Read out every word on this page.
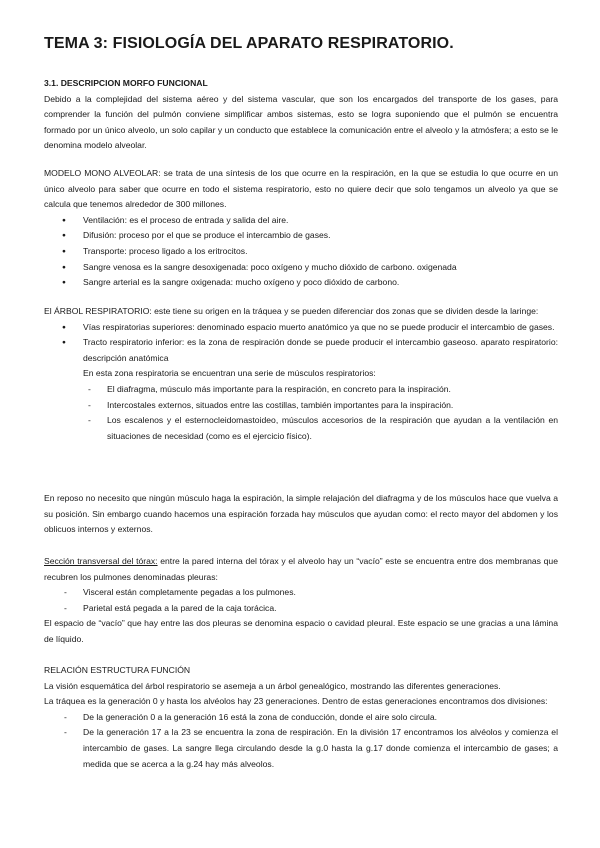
TEMA 3: FISIOLOGÍA DEL APARATO RESPIRATORIO.

3.1. DESCRIPCION MORFO FUNCIONAL

Debido a la complejidad del sistema aéreo y del sistema vascular, que son los encargados del transporte de los gases, para comprender la función del pulmón conviene simplificar ambos sistemas, esto se logra suponiendo que el pulmón se encuentra formado por un único alveolo, un solo capilar y un conducto que establece la comunicación entre el alveolo y la atmósfera; a esto se le denomina modelo alveolar.

MODELO MONO ALVEOLAR: se trata de una síntesis de los que ocurre en la respiración, en la que se estudia lo que ocurre en un único alveolo para saber que ocurre en todo el sistema respiratorio, esto no quiere decir que solo tengamos un alveolo ya que se calcula que tenemos alrededor de 300 millones.

● Ventilación: es el proceso de entrada y salida del aire.
● Difusión: proceso por el que se produce el intercambio de gases.
● Transporte: proceso ligado a los eritrocitos.
● Sangre venosa es la sangre desoxigenada: poco oxígeno y mucho dióxido de carbono. oxigenada
● Sangre arterial es la sangre oxigenada: mucho oxígeno y poco dióxido de carbono.

El ÁRBOL RESPIRATORIO: este tiene su origen en la tráquea y se pueden diferenciar dos zonas que se dividen desde la laringe:

● Vías respiratorias superiores: denominado espacio muerto anatómico ya que no se puede producir el intercambio de gases.
● Tracto respiratorio inferior: es la zona de respiración donde se puede producir el intercambio gaseoso. aparato respiratorio: descripción anatómica

En esta zona respiratoria se encuentran una serie de músculos respiratorios:

- El diafragma, músculo más importante para la respiración, en concreto para la inspiración.
- Intercostales externos, situados entre las costillas, también importantes para la inspiración.
- Los escalenos y el esternocleidomastoideo, músculos accesorios de la respiración que ayudan a la ventilación en situaciones de necesidad (como es el ejercicio físico).

En reposo no necesito que ningún músculo haga la espiración, la simple relajación del diafragma y de los músculos hace que vuelva a su posición. Sin embargo cuando hacemos una espiración forzada hay músculos que ayudan como: el recto mayor del abdomen y los oblicuos internos y externos.

Sección transversal del tórax: entre la pared interna del tórax y el alveolo hay un “vacío” este se encuentra entre dos membranas que recubren los pulmones denominadas pleuras:

- Visceral están completamente pegadas a los pulmones.
- Parietal está pegada a la pared de la caja torácica.

El espacio de “vacío” que hay entre las dos pleuras se denomina espacio o cavidad pleural. Este espacio se une gracias a una lámina de líquido.

RELACIÓN ESTRUCTURA FUNCIÓN

La visión esquemática del árbol respiratorio se asemeja a un árbol genealógico, mostrando las diferentes generaciones.

La tráquea es la generación 0 y hasta los alvéolos hay 23 generaciones. Dentro de estas generaciones encontramos dos divisiones:

- De la generación 0 a la generación 16 está la zona de conducción, donde el aire solo circula.
- De la generación 17 a la 23 se encuentra la zona de respiración. En la división 17 encontramos los alvéolos y comienza el intercambio de gases. La sangre llega circulando desde la g.0 hasta la g.17 donde comienza el intercambio de gases; a medida que se acerca a la g.24 hay más alveolos.
